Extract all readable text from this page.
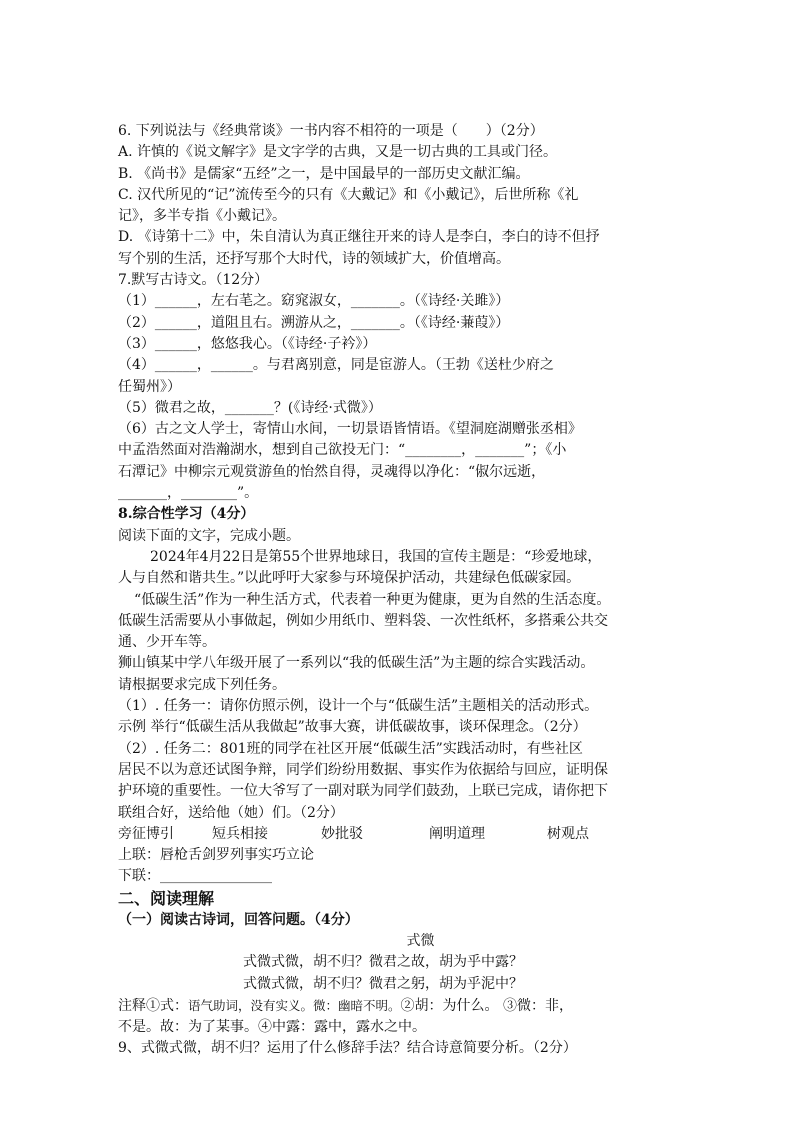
6. 下列说法与《经典常谈》一书内容不相符的一项是（　　）（2分）
A. 许慎的《说文解字》是文字学的古典，又是一切古典的工具或门径。
B. 《尚书》是儒家“五经”之一，是中国最早的一部历史文献汇编。
C. 汉代所见的“记”流传至今的只有《大戴记》和《小戴记》，后世所称《礼
记》，多半专指《小戴记》。
D. 《诗第十二》中，朱自清认为真正继往开来的诗人是李白，李白的诗不但抒
写个别的生活，还抒写那个大时代，诗的领域扩大，价值增高。
7.默写古诗文。（12分）
（1）______，左右芼之。窈窕淑女，_______。（《诗经·关雎》）
（2）______，道阻且右。溯游从之，_______。（《诗经·蒹葭》）
（3）______，悠悠我心。（《诗经·子衿》）
（4）______，______。与君离别意，同是宦游人。（王勃《送杜少府之
任蜀州》）
（5）微君之故，_______？(《诗经·式微》）
（6）古之文人学士，寄情山水间，一切景语皆情语。《望洞庭湖赠张丞相》
中孟浩然面对浩瀚湖水，想到自己欲投无门：“________，_______”；《小
石潭记》中柳宗元观赏游鱼的怡然自得，灵魂得以净化：“俶尔远逝，
_______，________”。
8.综合性学习（4分）
阅读下面的文字，完成小题。
2024年4月22日是第55个世界地球日，我国的宣传主题是：“珍爱地球，
人与自然和谐共生。”以此呼吁大家参与环境保护活动，共建绿色低碳家园。
“低碳生活”作为一种生活方式，代表着一种更为健康，更为自然的生活态度。
低碳生活需要从小事做起，例如少用纸巾、塑料袋、一次性纸杯，多搭乘公共交
通、少开车等。
狮山镇某中学八年级开展了一系列以“我的低碳生活”为主题的综合实践活动。
请根据要求完成下列任务。
（1）. 任务一：请你仿照示例，设计一个与“低碳生活”主题相关的活动形式。
示例 举行“低碳生活从我做起”故事大赛，讲低碳故事，谈环保理念。（2分）
（2）. 任务二：801班的同学在社区开展“低碳生活”实践活动时，有些社区
居民不以为意还试图争辩，同学们纷纷用数据、事实作为依据给与回应，证明保
护环境的重要性。一位大爷写了一副对联为同学们鼓劲，上联已完成，请你把下
联组合好，送给他（她）们。（2分）
旁征博引	短兵相接	妙批驳	阐明道理	树观点
上联：唇枪舌剑罗列事实巧立论
下联：________________
二、阅读理解
（一）阅读古诗词，回答问题。（4分）
式微
式微式微，胡不归？微君之故，胡为乎中露？
式微式微，胡不归？微君之躬，胡为乎泥中？
注释①式：语气助词，没有实义。微：幽暗不明。②胡：为什么。 ③微：非，
不是。故：为了某事。④中露：露中，露水之中。
9、式微式微，胡不归？运用了什么修辞手法？结合诗意简要分析。（2分）
